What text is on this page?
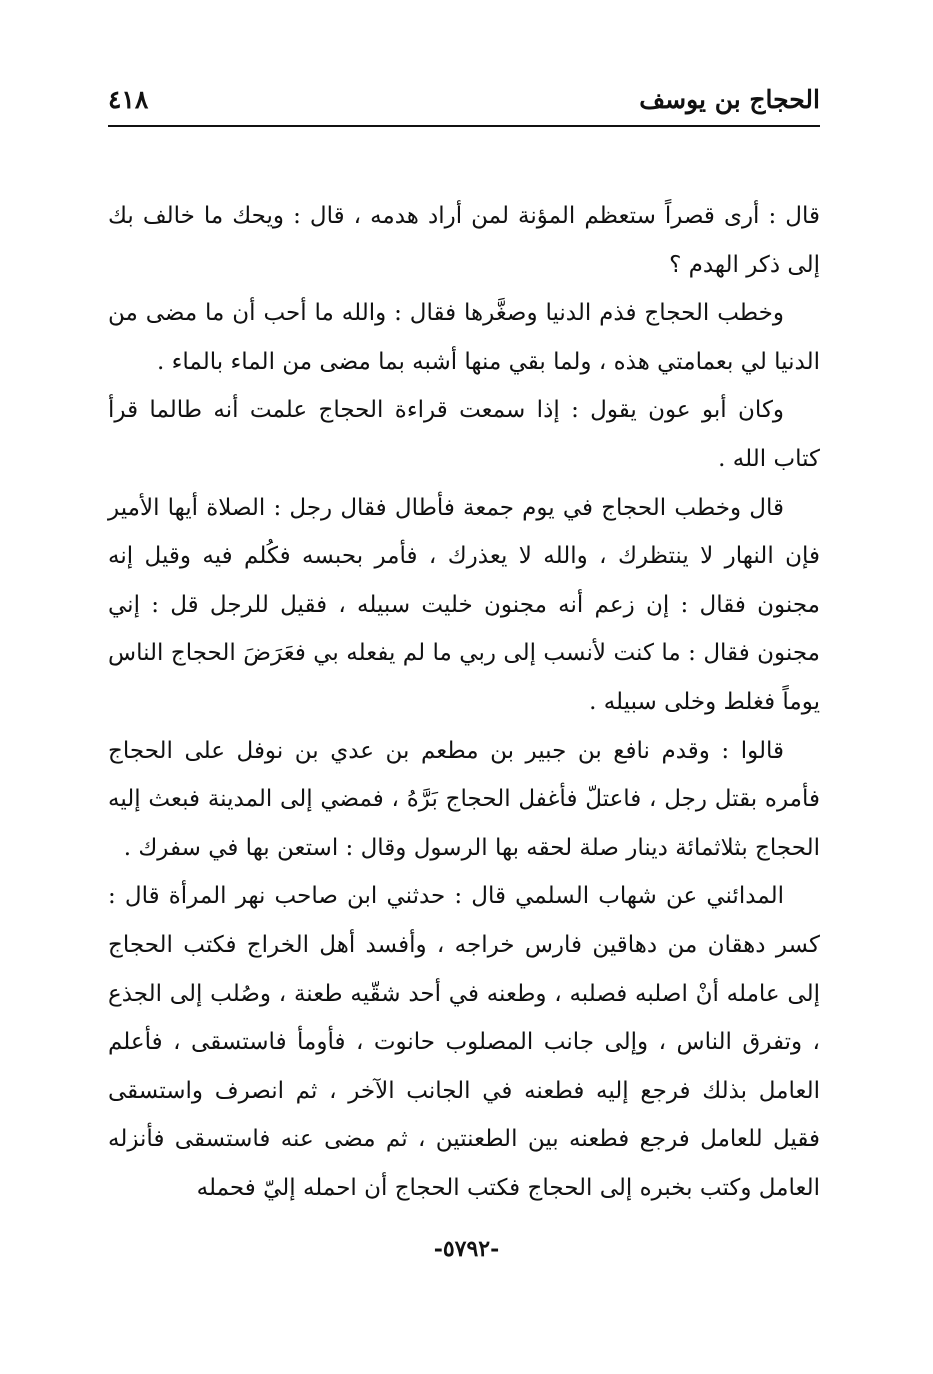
الحجاج بن يوسف
٤١٨

قال : أرى قصراً ستعظم المؤنة لمن أراد هدمه ، قال : ويحك ما خالف بك إلى ذكر الهدم ؟

وخطب الحجاج فذم الدنيا وصغَّرها فقال : والله ما أحب أن ما مضى من الدنيا لي بعمامتي هذه ، ولما بقي منها أشبه بما مضى من الماء بالماء .

وكان أبو عون يقول : إذا سمعت قراءة الحجاج علمت أنه طالما قرأ كتاب الله .

قال وخطب الحجاج في يوم جمعة فأطال فقال رجل : الصلاة أيها الأمير فإن النهار لا ينتظرك ، والله لا يعذرك ، فأمر بحبسه فكُلم فيه وقيل إنه مجنون فقال : إن زعم أنه مجنون خليت سبيله ، فقيل للرجل قل : إني مجنون فقال : ما كنت لأنسب إلى ربي ما لم يفعله بي فعَرَضَ الحجاج الناس يوماً فغلط وخلى سبيله .

قالوا : وقدم نافع بن جبير بن مطعم بن عدي بن نوفل على الحجاج فأمره بقتل رجل ، فاعتلّ فأغفل الحجاج بَرَّهُ ، فمضي إلى المدينة فبعث إليه الحجاج بثلاثمائة دينار صلة لحقه بها الرسول وقال : استعن بها في سفرك .

المدائني عن شهاب السلمي قال : حدثني ابن صاحب نهر المرأة قال : كسر دهقان من دهاقين فارس خراجه ، وأفسد أهل الخراج فكتب الحجاج إلى عامله أنْ اصلبه فصلبه ، وطعنه في أحد شقّيه طعنة ، وصُلب إلى الجذع ، وتفرق الناس ، وإلى جانب المصلوب حانوت ، فأومأ فاستسقى ، فأعلم العامل بذلك فرجع إليه فطعنه في الجانب الآخر ، ثم انصرف واستسقى فقيل للعامل فرجع فطعنه بين الطعنتين ، ثم مضى عنه فاستسقى فأنزله العامل وكتب بخبره إلى الحجاج فكتب الحجاج أن احمله إليّ فحمله

-٥٧٩٢-
